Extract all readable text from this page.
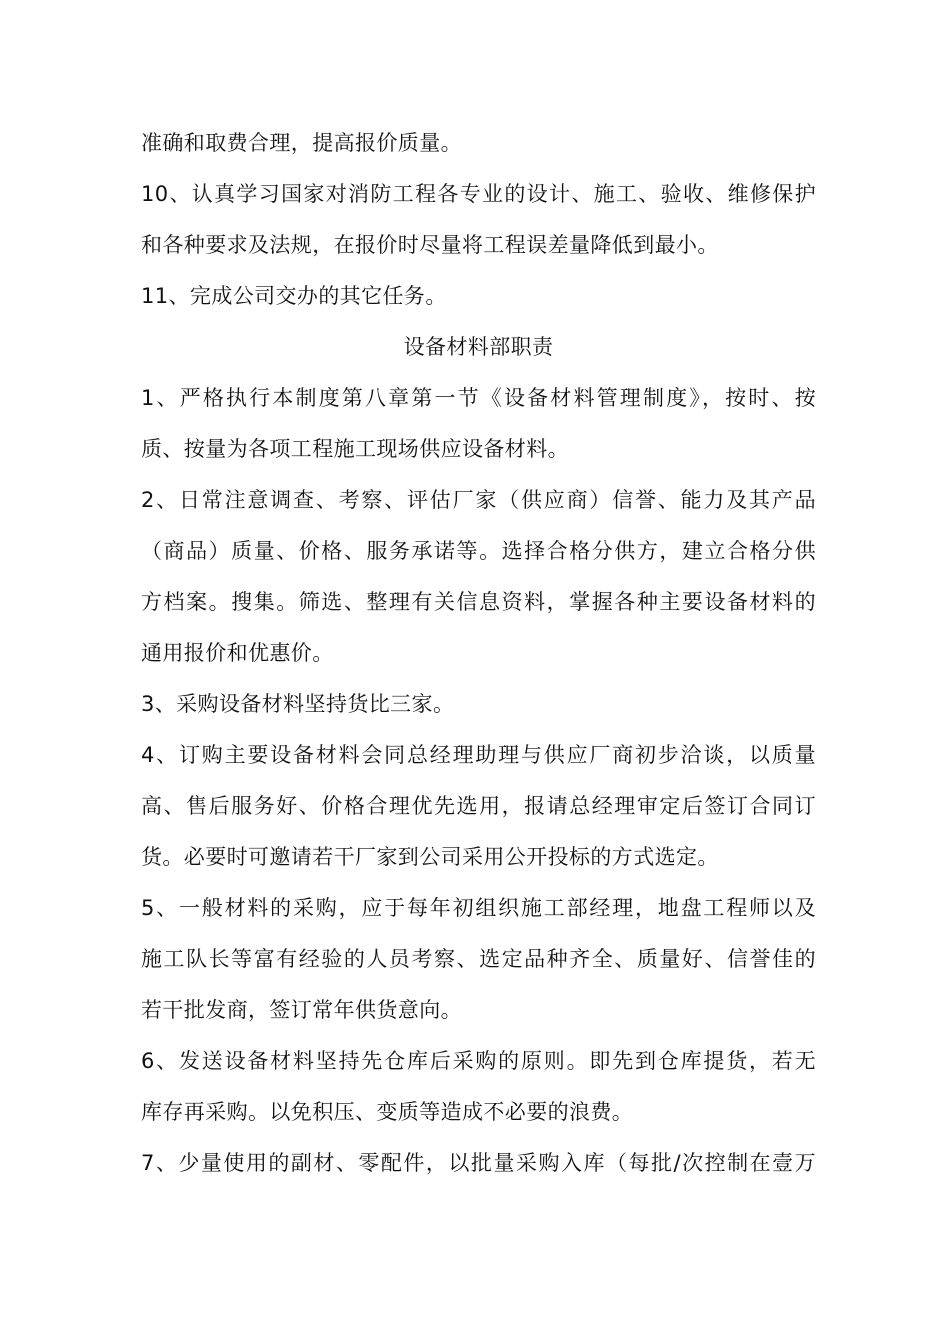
准确和取费合理，提高报价质量。
10、认真学习国家对消防工程各专业的设计、施工、验收、维修保护
和各种要求及法规，在报价时尽量将工程误差量降低到最小。
11、完成公司交办的其它任务。
设备材料部职责
1、严格执行本制度第八章第一节《设备材料管理制度》，按时、按
质、按量为各项工程施工现场供应设备材料。
2、日常注意调查、考察、评估厂家（供应商）信誉、能力及其产品
（商品）质量、价格、服务承诺等。选择合格分供方，建立合格分供
方档案。搜集。筛选、整理有关信息资料，掌握各种主要设备材料的
通用报价和优惠价。
3、采购设备材料坚持货比三家。
4、订购主要设备材料会同总经理助理与供应厂商初步洽谈，以质量
高、售后服务好、价格合理优先选用，报请总经理审定后签订合同订
货。必要时可邀请若干厂家到公司采用公开投标的方式选定。
5、一般材料的采购，应于每年初组织施工部经理，地盘工程师以及
施工队长等富有经验的人员考察、选定品种齐全、质量好、信誉佳的
若干批发商，签订常年供货意向。
6、发送设备材料坚持先仓库后采购的原则。即先到仓库提货，若无
库存再采购。以免积压、变质等造成不必要的浪费。
7、少量使用的副材、零配件，以批量采购入库（每批/次控制在壹万
